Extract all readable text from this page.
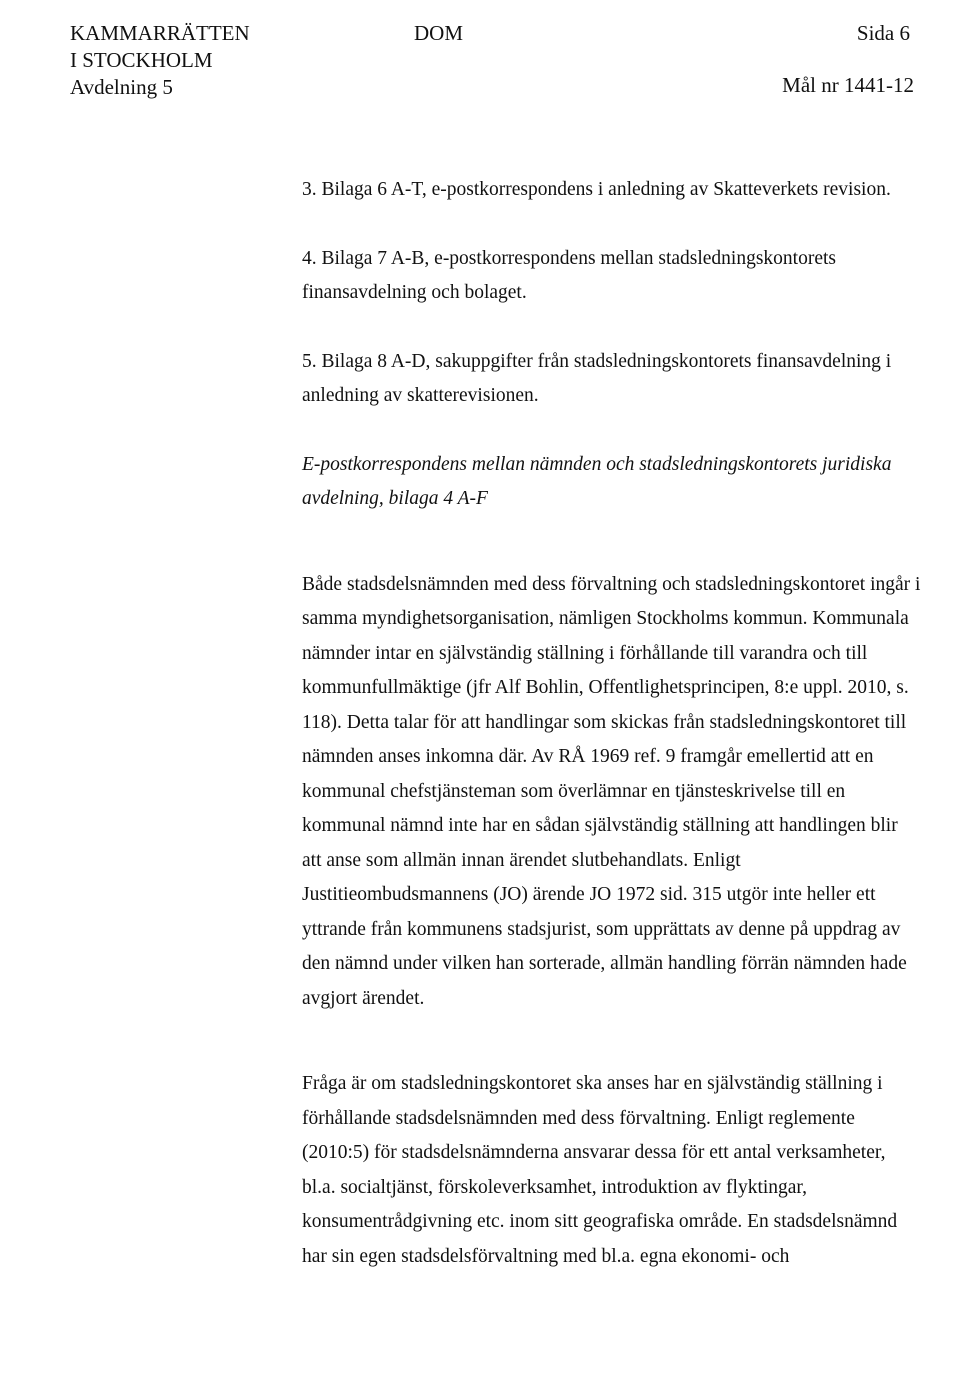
KAMMARRÄTTEN
I STOCKHOLM
Avdelning 5
DOM	Sida 6
Mål nr 1441-12

3. Bilaga 6 A-T, e-postkorrespondens i anledning av Skatteverkets revision.

4. Bilaga 7 A-B, e-postkorrespondens mellan stadsledningskontorets finansavdelning och bolaget.

5. Bilaga 8 A-D, sakuppgifter från stadsledningskontorets finansavdelning i anledning av skatterevisionen.

E-postkorrespondens mellan nämnden och stadsledningskontorets juridiska avdelning, bilaga 4 A-F

Både stadsdelsnämnden med dess förvaltning och stadsledningskontoret ingår i samma myndighetsorganisation, nämligen Stockholms kommun. Kommunala nämnder intar en självständig ställning i förhållande till varandra och till kommunfullmäktige (jfr Alf Bohlin, Offentlighetsprincipen, 8:e uppl. 2010, s. 118). Detta talar för att handlingar som skickas från stadsledningskontoret till nämnden anses inkomna där. Av RÅ 1969 ref. 9 framgår emellertid att en kommunal chefstjänsteman som överlämnar en tjänsteskrivelse till en kommunal nämnd inte har en sådan självständig ställning att handlingen blir att anse som allmän innan ärendet slutbehandlats. Enligt Justitieombudsmannens (JO) ärende JO 1972 sid. 315 utgör inte heller ett yttrande från kommunens stadsjurist, som upprättats av denne på uppdrag av den nämnd under vilken han sorterade, allmän handling förrän nämnden hade avgjort ärendet.

Fråga är om stadsledningskontoret ska anses har en självständig ställning i förhållande stadsdelsnämnden med dess förvaltning. Enligt reglemente (2010:5) för stadsdelsnämnderna ansvarar dessa för ett antal verksamheter, bl.a. socialtjänst, förskoleverksamhet, introduktion av flyktingar, konsumentrådgivning etc. inom sitt geografiska område. En stadsdelsnämnd har sin egen stadsdelsförvaltning med bl.a. egna ekonomi- och
